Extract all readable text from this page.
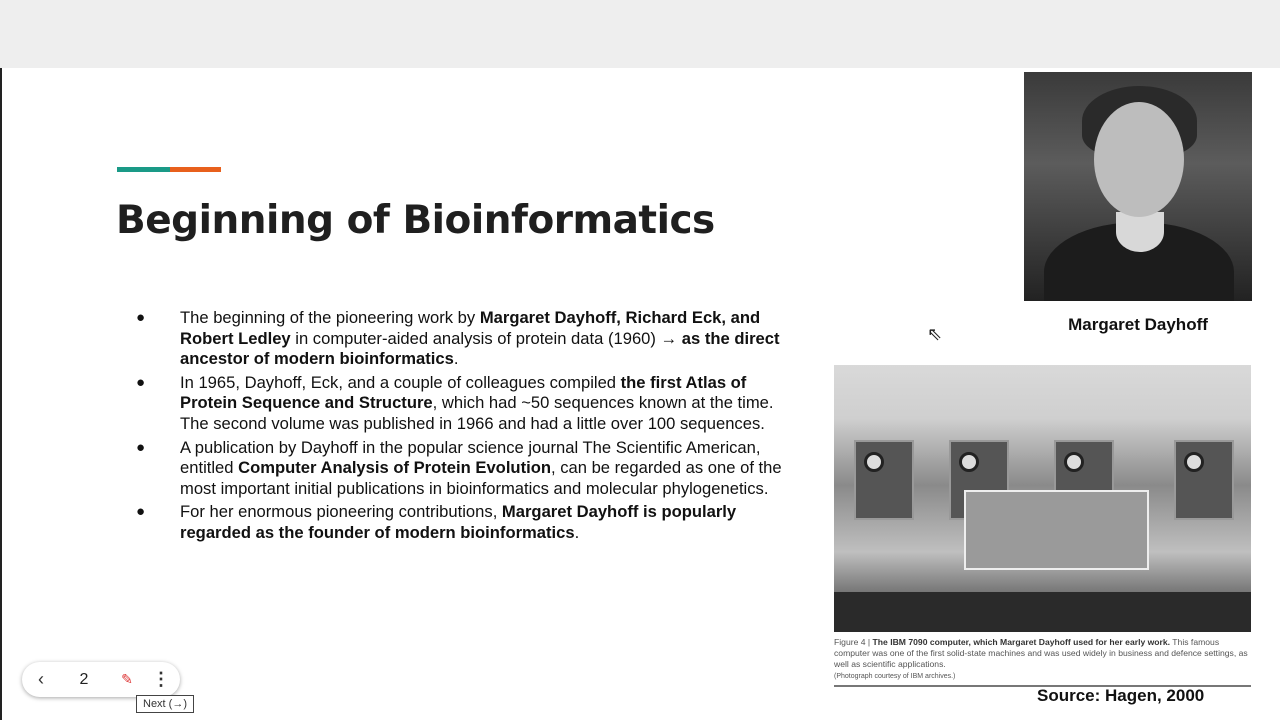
Beginning of Bioinformatics
● The beginning of the pioneering work by Margaret Dayhoff, Richard Eck, and Robert Ledley in computer-aided analysis of protein data (1960) → as the direct ancestor of modern bioinformatics.
● In 1965, Dayhoff, Eck, and a couple of colleagues compiled the first Atlas of Protein Sequence and Structure, which had ~50 sequences known at the time. The second volume was published in 1966 and had a little over 100 sequences.
● A publication by Dayhoff in the popular science journal The Scientific American, entitled Computer Analysis of Protein Evolution, can be regarded as one of the most important initial publications in bioinformatics and molecular phylogenetics.
● For her enormous pioneering contributions, Margaret Dayhoff is popularly regarded as the founder of modern bioinformatics.
Margaret Dayhoff
Figure 4 | The IBM 7090 computer, which Margaret Dayhoff used for her early work. This famous computer was one of the first solid-state machines and was used widely in business and defence settings, as well as scientific applications.
(Photograph courtesy of IBM archives.)
Source: Hagen, 2000
⇖
‹	2	✎	⋮
Next (→)
